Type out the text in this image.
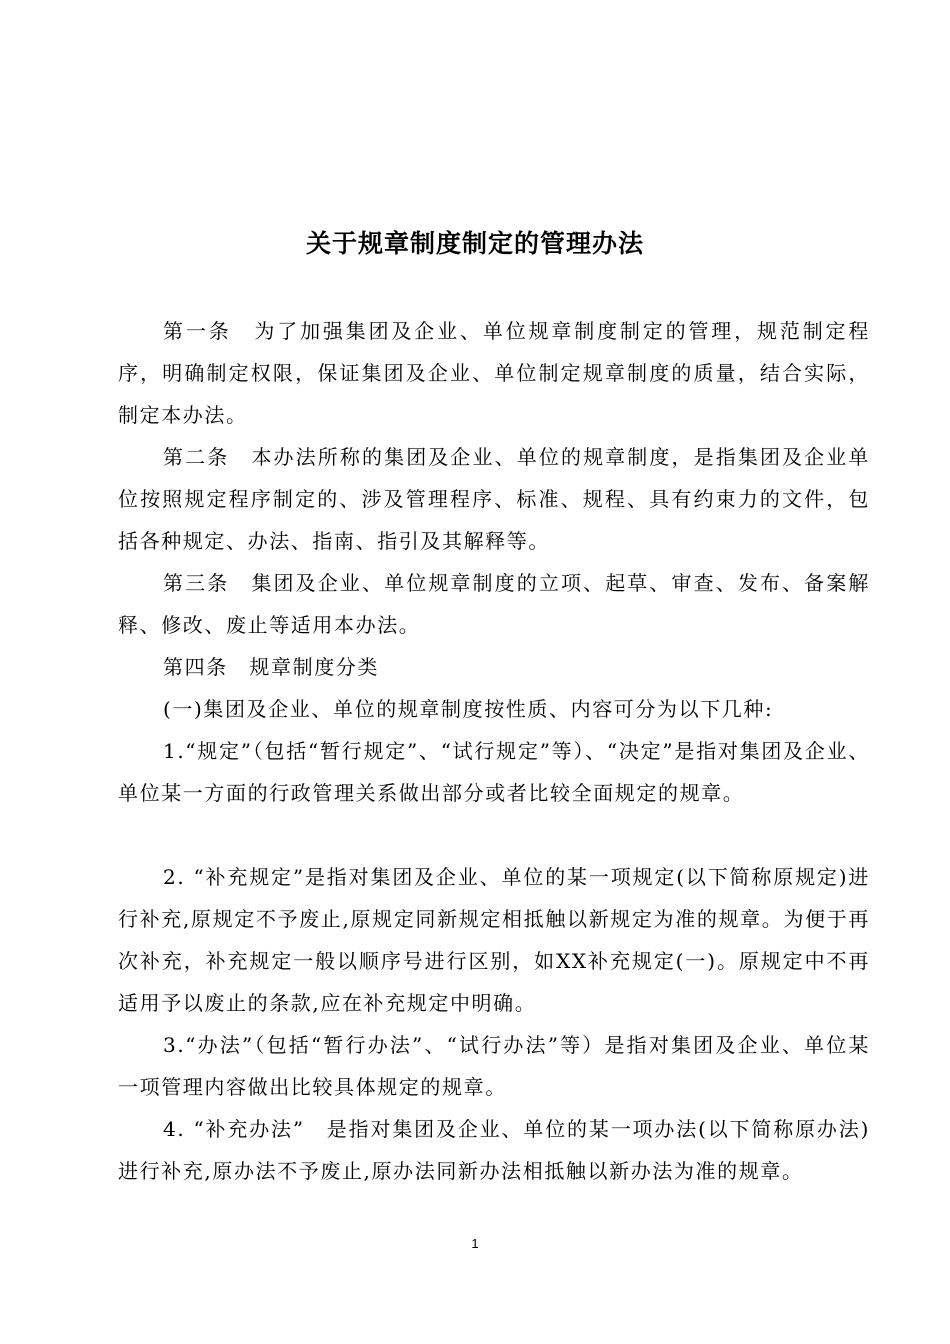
关于规章制度制定的管理办法

第一条　为了加强集团及企业、单位规章制度制定的管理，规范制定程序，明确制定权限，保证集团及企业、单位制定规章制度的质量，结合实际，制定本办法。

第二条　本办法所称的集团及企业、单位的规章制度，是指集团及企业单位按照规定程序制定的、涉及管理程序、标准、规程、具有约束力的文件，包括各种规定、办法、指南、指引及其解释等。

第三条　集团及企业、单位规章制度的立项、起草、审查、发布、备案解释、修改、废止等适用本办法。

第四条　规章制度分类

(一)集团及企业、单位的规章制度按性质、内容可分为以下几种:

1.“规定”（包括“暂行规定”、“试行规定”等）、“决定”是指对集团及企业、单位某一方面的行政管理关系做出部分或者比较全面规定的规章。

2. “补充规定”是指对集团及企业、单位的某一项规定(以下简称原规定)进行补充,原规定不予废止,原规定同新规定相抵触以新规定为准的规章。为便于再次补充，补充规定一般以顺序号进行区别，如XX补充规定(一)。原规定中不再适用予以废止的条款,应在补充规定中明确。

3.“办法”（包括“暂行办法”、“试行办法”等）是指对集团及企业、单位某一项管理内容做出比较具体规定的规章。

4. “补充办法”　是指对集团及企业、单位的某一项办法(以下简称原办法)进行补充,原办法不予废止,原办法同新办法相抵触以新办法为准的规章。

1
